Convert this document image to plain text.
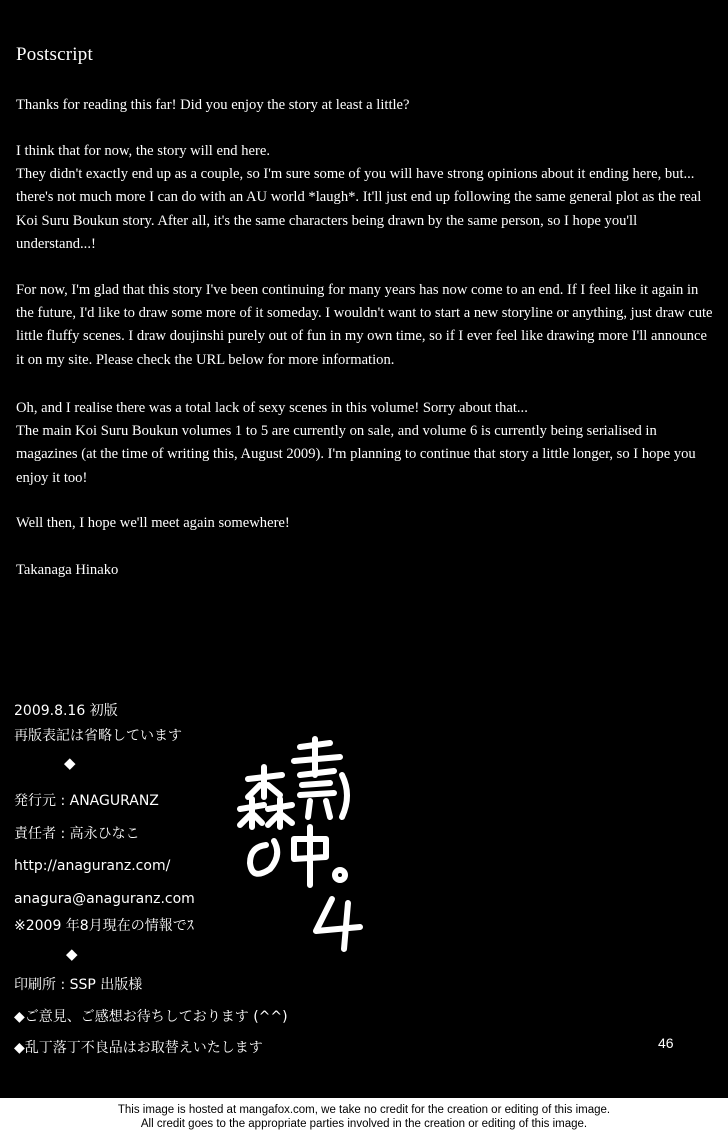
Postscript
Thanks for reading this far! Did you enjoy the story at least a little?
I think that for now, the story will end here.
They didn't exactly end up as a couple, so I'm sure some of you will have strong opinions about it ending here, but... there's not much more I can do with an AU world *laugh*. It'll just end up following the same general plot as the real Koi Suru Boukun story. After all, it's the same characters being drawn by the same person, so I hope you'll understand...!
For now, I'm glad that this story I've been continuing for many years has now come to an end. If I feel like it again in the future, I'd like to draw some more of it someday. I wouldn't want to start a new storyline or anything, just draw cute little fluffy scenes. I draw doujinshi purely out of fun in my own time, so if I ever feel like drawing more I'll announce it on my site. Please check the URL below for more information.
Oh, and I realise there was a total lack of sexy scenes in this volume! Sorry about that...
The main Koi Suru Boukun volumes 1 to 5 are currently on sale, and volume 6 is currently being serialised in magazines (at the time of writing this, August 2009). I'm planning to continue that story a little longer, so I hope you enjoy it too!
Well then, I hope we'll meet again somewhere!
Takanaga Hinako
2009.8.16 初版
再版表記は省略しています
◆
発行元 : ANAGURANZ
責任者 : 高永ひなこ
http://anaguranz.com/
anagura@anaguranz.com
※2009 年8月現在の情報でｽ
◆
印刷所 : SSP 出版様
◆ご意見、ご感想お待ちしております (^^)
◆乱丁落丁不良品はお取替えいたします	46
This image is hosted at mangafox.com, we take no credit for the creation or editing of this image.
All credit goes to the appropriate parties involved in the creation or editing of this image.
